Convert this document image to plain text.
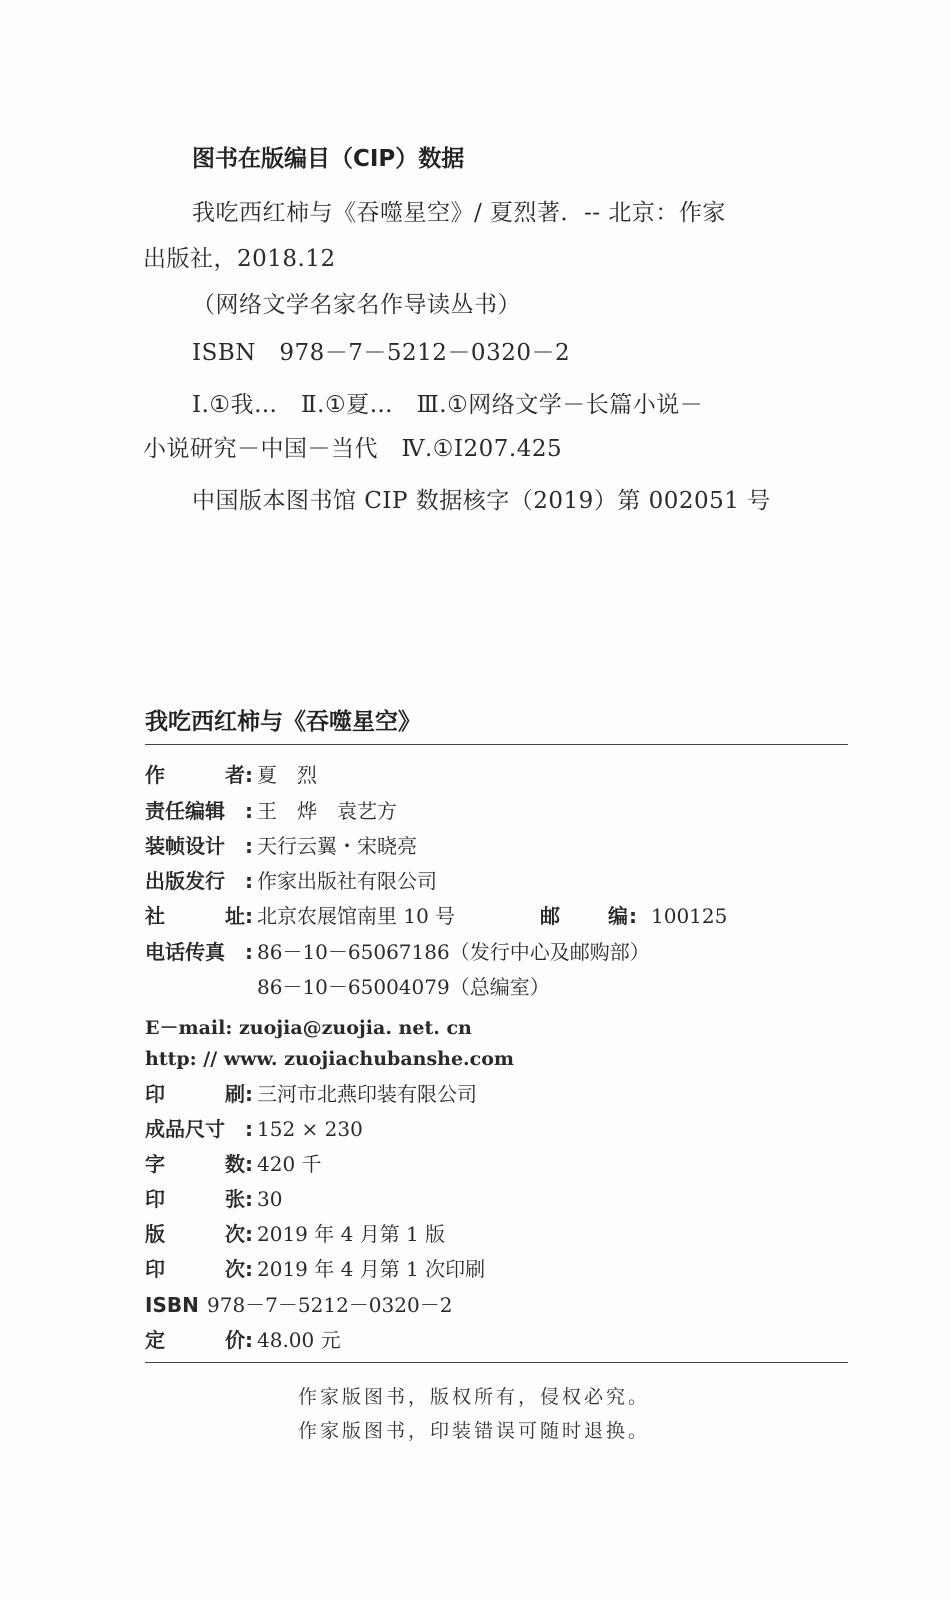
图书在版编目（CIP）数据
我吃西红柿与《吞噬星空》/ 夏烈著．-- 北京：作家
出版社，2018.12
（网络文学名家名作导读丛书）
ISBN　978－7－5212－0320－2
Ⅰ.①我…　Ⅱ.①夏…　Ⅲ.①网络文学－长篇小说－
小说研究－中国－当代　Ⅳ.①I207.425
中国版本图书馆 CIP 数据核字（2019）第 002051 号
我吃西红柿与《吞噬星空》
作	者 : 夏　烈
责任编辑	: 王　烨　袁艺方
装帧设计	: 天行云翼・宋晓亮
出版发行	: 作家出版社有限公司
社	址 : 北京农展馆南里 10 号	邮 编 : 100125
电话传真	: 86－10－65067186（发行中心及邮购部）
86－10－65004079（总编室）
E－mail: zuojia@zuojia. net. cn
http: // www. zuojiachubanshe.com
印	刷 : 三河市北燕印装有限公司
成品尺寸	: 152 × 230
字	数 : 420 千
印	张 : 30
版	次 : 2019 年 4 月第 1 版
印	次 : 2019 年 4 月第 1 次印刷
ISBN 978－7－5212－0320－2
定	价 : 48.00 元
作家版图书，版权所有，侵权必究。
作家版图书，印装错误可随时退换。
